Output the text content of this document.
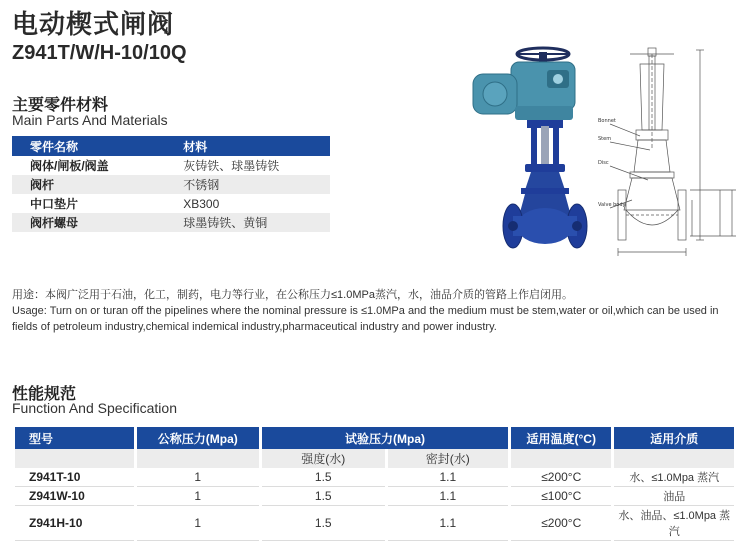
电动楔式闸阀
Z941T/W/H-10/10Q
主要零件材料
Main Parts And Materials
零件名称	材料
阀体/闸板/阀盖	灰铸铁、球墨铸铁
阀杆	不锈钢
中口垫片	XB300
阀杆螺母	球墨铸铁、黄铜
Bonnet
Stem
Disc
Valve body
用途：本阀广泛用于石油，化工，制药，电力等行业，在公称压力≤1.0MPa蒸汽，水，油品介质的管路上作启闭用。
Usage: Turn on or turan off the pipelines where the nominal pressure is ≤1.0MPa and the medium must be stem,water or oil,which can be used in fields of petroleum industry,chemical indemical industry,pharmaceutical industry and power industry.
性能规范
Function And Specification
型号	公称压力(Mpa)	试验压力(Mpa)		适用温度(°C)	适用介质
		强度(水)	密封(水)		
Z941T-10	1	1.5	1.1	≤200°C	水、≤1.0Mpa 蒸汽
Z941W-10	1	1.5	1.1	≤100°C	油品
Z941H-10	1	1.5	1.1	≤200°C	水、油品、≤1.0Mpa 蒸汽
